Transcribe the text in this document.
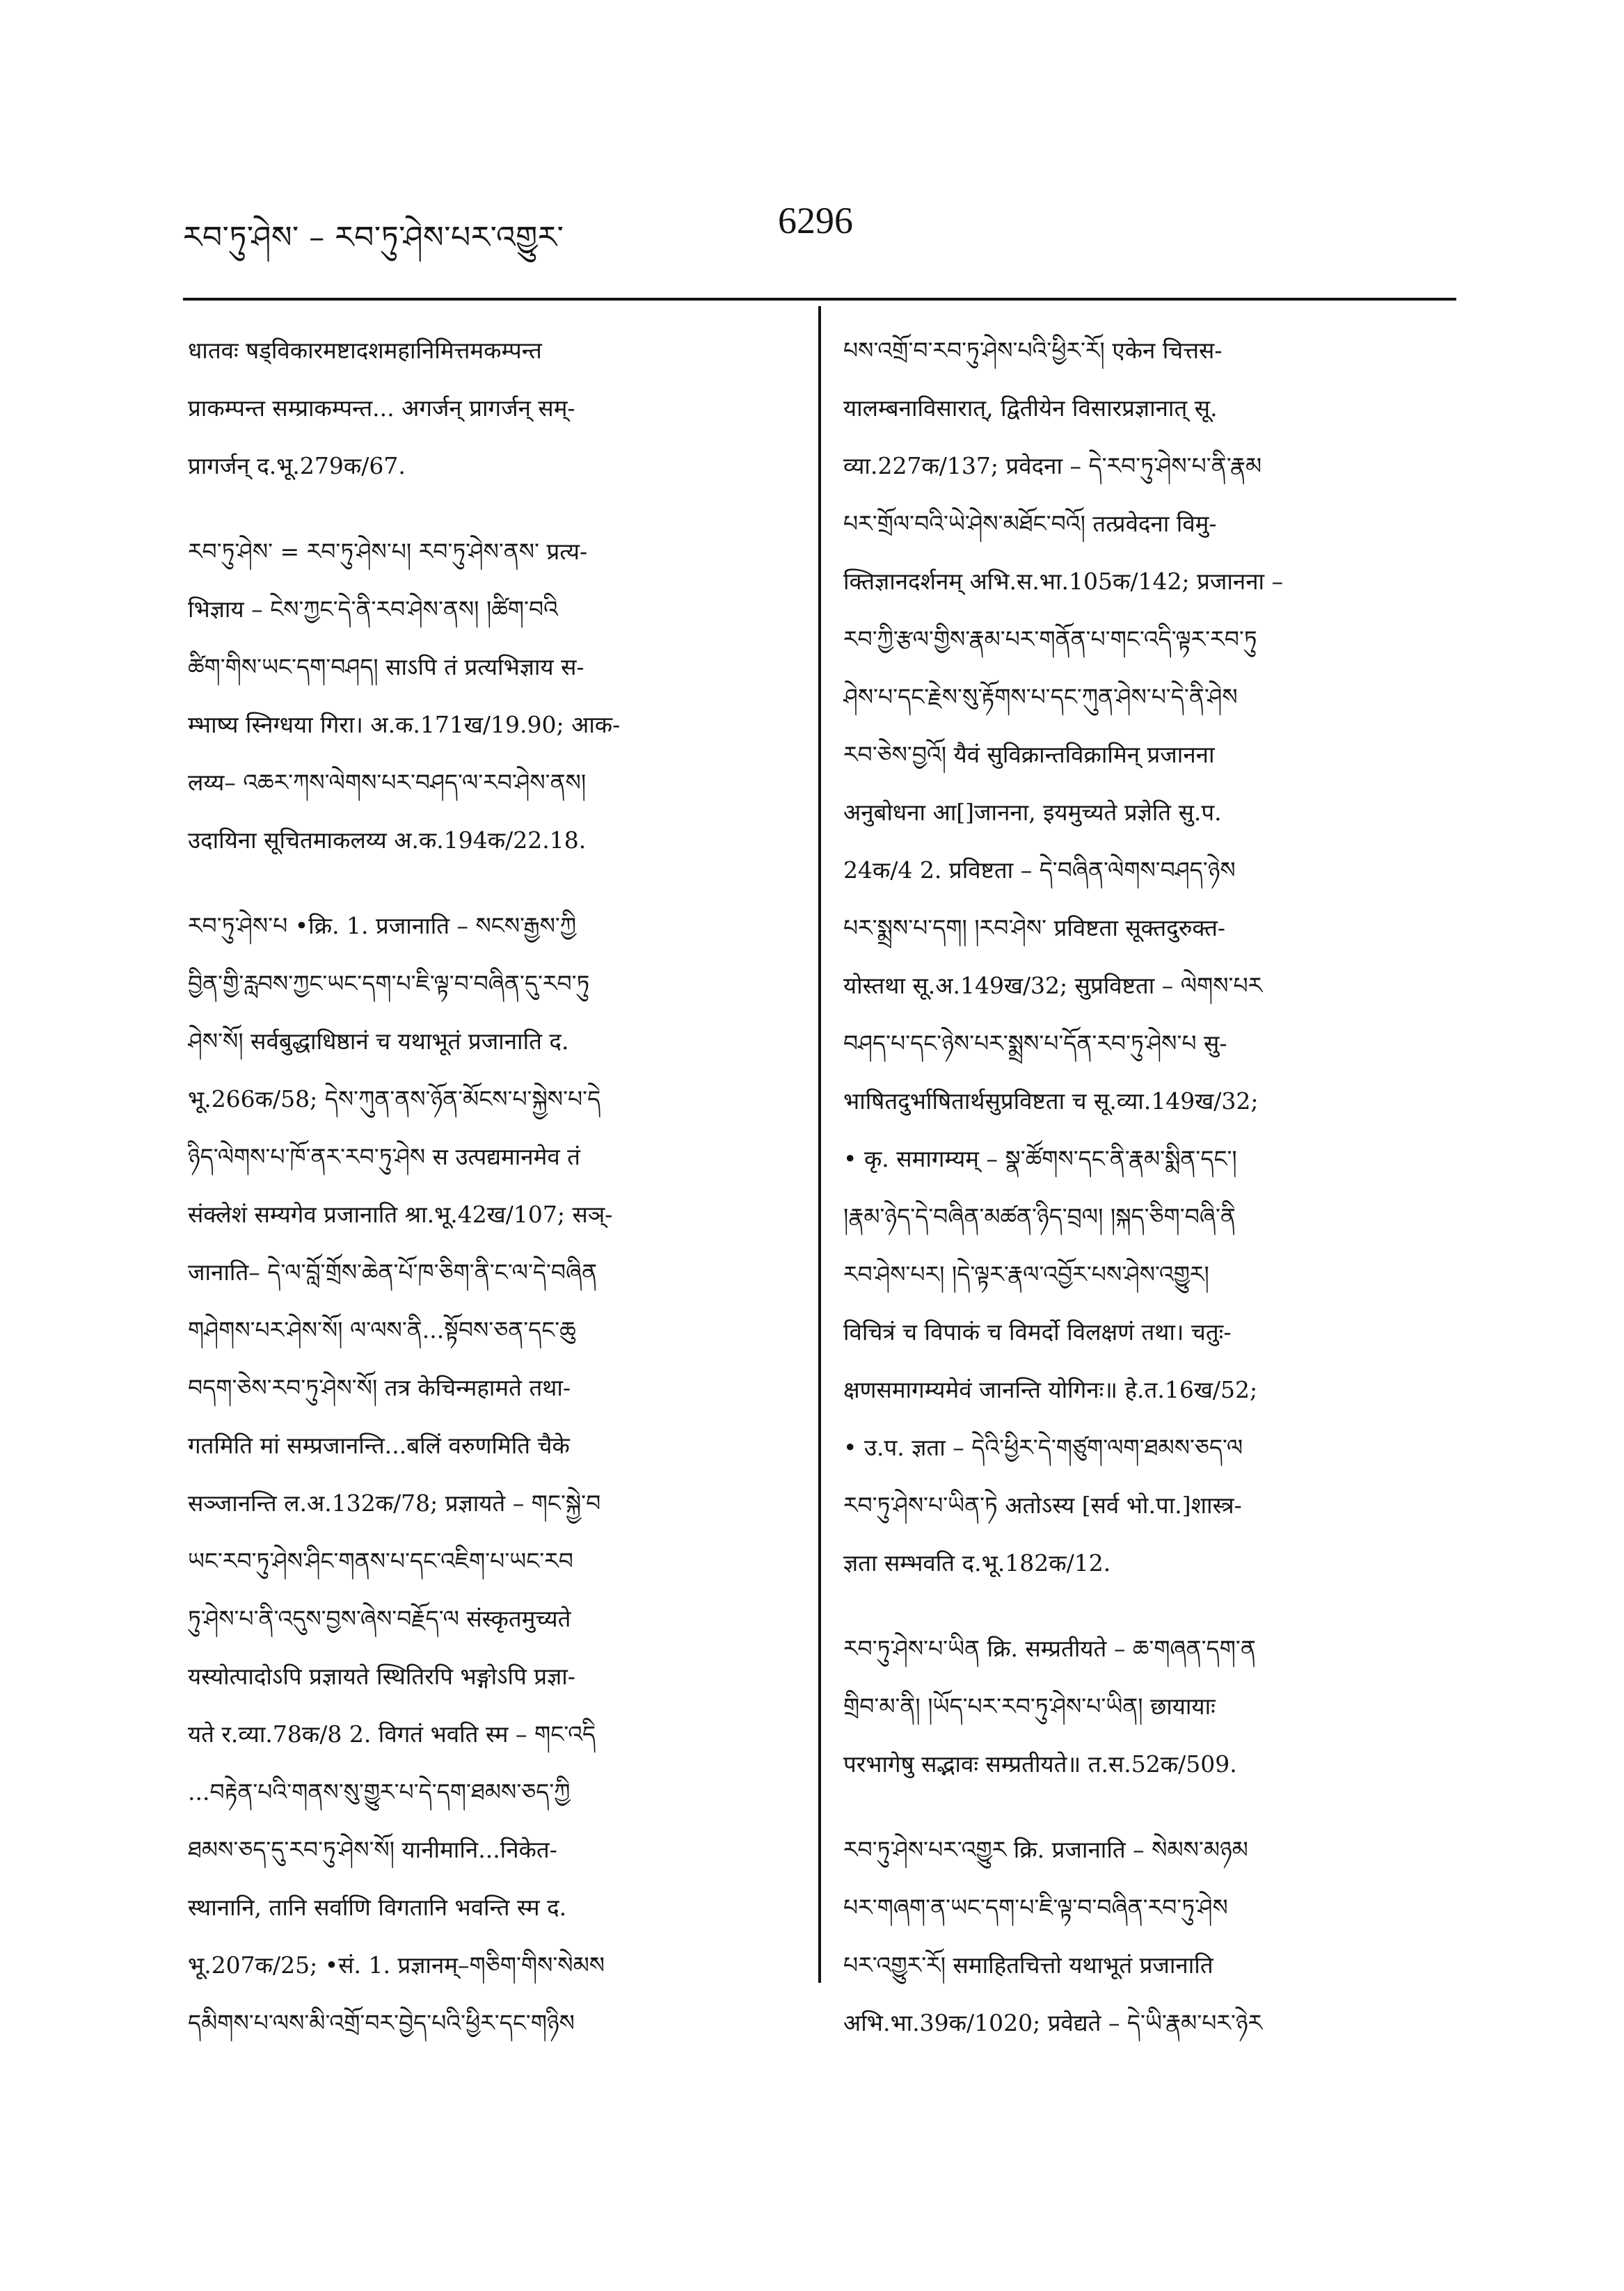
རབ་ཏུ་ཤེས་ – རབ་ཏུ་ཤེས་པར་འགྱུར་	6296
धातवः षड्विकारमष्टादशमहानिमित्तमकम्पन्त
प्राकम्पन्त सम्प्राकम्पन्त... अगर्जन् प्रागर्जन् सम्-
प्रागर्जन् द.भू.279क/67.
རབ་ཏུ་ཤེས་ = རབ་ཏུ་ཤེས་པ། རབ་ཏུ་ཤེས་ནས་ प्रत्य-
भिज्ञाय – ངེས་ཀྱང་དེ་ནི་རབ་ཤེས་ནས། །ཚིག་བའི
ཚིག་གིས་ཡང་དག་བཤད། साऽपि तं प्रत्यभिज्ञाय स-
म्भाष्य स्निग्धया गिरा। अ.क.171ख/19.90; आक-
लय्य– འཆར་ཀས་ལེགས་པར་བཤད་ལ་རབ་ཤེས་ནས།
उदायिना सूचितमाकलय्य अ.क.194क/22.18.
རབ་ཏུ་ཤེས་པ •क्रि. 1. प्रजानाति – སངས་རྒྱས་ཀྱི
བྱིན་གྱི་རླབས་ཀྱང་ཡང་དག་པ་ཇི་ལྟ་བ་བཞིན་དུ་རབ་ཏུ
ཤེས་སོ། सर्वबुद्धाधिष्ठानं च यथाभूतं प्रजानाति द.
भू.266क/58; དེས་ཀུན་ནས་ཉོན་མོངས་པ་སྐྱེས་པ་དེ
ཉིད་ལེགས་པ་ཁོ་ནར་རབ་ཏུ་ཤེས स उत्पद्यमानमेव तं
संक्लेशं सम्यगेव प्रजानाति श्रा.भू.42ख/107; सञ्-
जानाति– དེ་ལ་བློ་གྲོས་ཆེན་པོ་ཁ་ཅིག་ནི་ང་ལ་དེ་བཞིན
གཤེགས་པར་ཤེས་སོ། ལ་ལས་ནི...སྟོབས་ཅན་དང་ཆུ
བདག་ཅེས་རབ་ཏུ་ཤེས་སོ། तत्र केचिन्महामते तथा-
गतमिति मां सम्प्रजानन्ति...बलिं वरुणमिति चैके
सञ्जानन्ति ल.अ.132क/78; प्रज्ञायते – གང་སྐྱེ་བ
ཡང་རབ་ཏུ་ཤེས་ཤིང་གནས་པ་དང་འཇིག་པ་ཡང་རབ
ཏུ་ཤེས་པ་ནི་འདུས་བྱས་ཞེས་བརྗོད་ལ संस्कृतमुच्यते
यस्योत्पादोऽपि प्रज्ञायते स्थितिरपि भङ्गोऽपि प्रज्ञा-
यते र.व्या.78क/8 2. विगतं भवति स्म – གང་འདི
...བརྟེན་པའི་གནས་སུ་གྱུར་པ་དེ་དག་ཐམས་ཅད་ཀྱི
ཐམས་ཅད་དུ་རབ་ཏུ་ཤེས་སོ། यानीमानि...निकेत-
स्थानानि, तानि सर्वाणि विगतानि भवन्ति स्म द.
भू.207क/25; •सं. 1. प्रज्ञानम्–གཅིག་གིས་སེམས
དམིགས་པ་ལས་མི་འགྲོ་བར་བྱེད་པའི་ཕྱིར་དང་གཉིས
པས་འགྲོ་བ་རབ་ཏུ་ཤེས་པའི་ཕྱིར་རོ། एकेन चित्तस-
यालम्बनाविसारात्, द्वितीयेन विसारप्रज्ञानात् सू.
व्या.227क/137; प्रवेदना – དེ་རབ་ཏུ་ཤེས་པ་ནི་རྣམ
པར་གྲོལ་བའི་ཡེ་ཤེས་མཐོང་བའོ། तत्प्रवेदना विमु-
क्तिज्ञानदर्शनम् अभि.स.भा.105क/142; प्रजानना –
རབ་ཀྱི་རྩལ་གྱིས་རྣམ་པར་གནོན་པ་གང་འདི་ལྟར་རབ་ཏུ
ཤེས་པ་དང་རྗེས་སུ་རྟོགས་པ་དང་ཀུན་ཤེས་པ་དེ་ནི་ཤེས
རབ་ཅེས་བྱའོ། यैवं सुविक्रान्तविक्रामिन् प्रजानना
अनुबोधना आ[]जानना, इयमुच्यते प्रज्ञेति सु.प.
24क/4 2. प्रविष्टता – དེ་བཞིན་ལེགས་བཤད་ཉེས
པར་སྨྲས་པ་དག། །རབ་ཤེས་ प्रविष्टता सूक्तदुरुक्त-
योस्तथा सू.अ.149ख/32; सुप्रविष्टता – ལེགས་པར
བཤད་པ་དང་ཉེས་པར་སྨྲས་པ་དོན་རབ་ཏུ་ཤེས་པ सु-
भाषितदुर्भाषितार्थसुप्रविष्टता च सू.व्या.149ख/32;
• कृ. समागम्यम् – སྣ་ཚོགས་དང་ནི་རྣམ་སྨིན་དང་།
།རྣམ་ཉེད་དེ་བཞིན་མཚན་ཉིད་བྲལ། །སྐད་ཅིག་བཞི་ནི
རབ་ཤེས་པར། །དེ་ལྟར་རྣལ་འབྱོར་པས་ཤེས་འགྱུར།
विचित्रं च विपाकं च विमर्दो विलक्षणं तथा। चतुः-
क्षणसमागम्यमेवं जानन्ति योगिनः॥ हे.त.16ख/52;
• उ.प. ज्ञता – དེའི་ཕྱིར་དེ་གཙུག་ལག་ཐམས་ཅད་ལ
རབ་ཏུ་ཤེས་པ་ཡིན་ཏེ अतोऽस्य [सर्व भो.पा.]शास्त्र-
ज्ञता सम्भवति द.भू.182क/12.
རབ་ཏུ་ཤེས་པ་ཡིན क्रि. सम्प्रतीयते – ཆ་གཞན་དག་ན
གྲིབ་མ་ནི། །ཡོད་པར་རབ་ཏུ་ཤེས་པ་ཡིན། छायायाः
परभागेषु सद्भावः सम्प्रतीयते॥ त.स.52क/509.
རབ་ཏུ་ཤེས་པར་འགྱུར क्रि. प्रजानाति – སེམས་མཉམ
པར་གཞག་ན་ཡང་དག་པ་ཇི་ལྟ་བ་བཞིན་རབ་ཏུ་ཤེས
པར་འགྱུར་རོ། समाहितचित्तो यथाभूतं प्रजानाति
अभि.भा.39क/1020; प्रवेद्यते – དེ་ཡི་རྣམ་པར་ཉེར
